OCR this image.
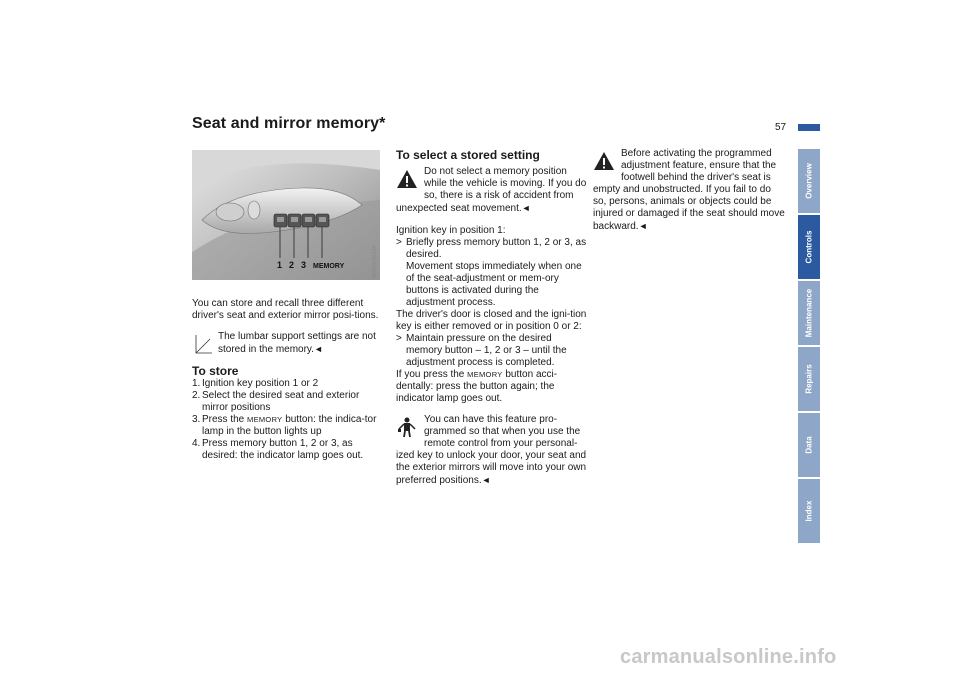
Seat and mirror memory*	57
Overview
Controls
Maintenance
Repairs
Data
Index
1 2 3 MEMORY	MV01470CMA

You can store and recall three different driver's seat and exterior mirror posi-tions.

The lumbar support settings are not stored in the memory.◄

To store

1. Ignition key position 1 or 2
2. Select the desired seat and exterior mirror positions
3. Press the MEMORY button: the indica-tor lamp in the button lights up
4. Press memory button 1, 2 or 3, as desired: the indicator lamp goes out.

To select a stored setting

Do not select a memory position while the vehicle is moving. If you do so, there is a risk of accident from unexpected seat movement.◄

Ignition key in position 1:

> Briefly press memory button 1, 2 or 3, as desired.
Movement stops immediately when one of the seat-adjustment or mem-ory buttons is activated during the adjustment process.

The driver's door is closed and the igni-tion key is either removed or in position 0 or 2:

> Maintain pressure on the desired memory button – 1, 2 or 3 – until the adjustment process is completed.

If you press the MEMORY button acci-dentally: press the button again; the indicator lamp goes out.

You can have this feature pro-grammed so that when you use the remote control from your personal-ized key to unlock your door, your seat and the exterior mirrors will move into your own preferred positions.◄
Before activating the programmed adjustment feature, ensure that the footwell behind the driver's seat is empty and unobstructed. If you fail to do so, persons, animals or objects could be injured or damaged if the seat should move backward.◄
carmanualsonline.info
